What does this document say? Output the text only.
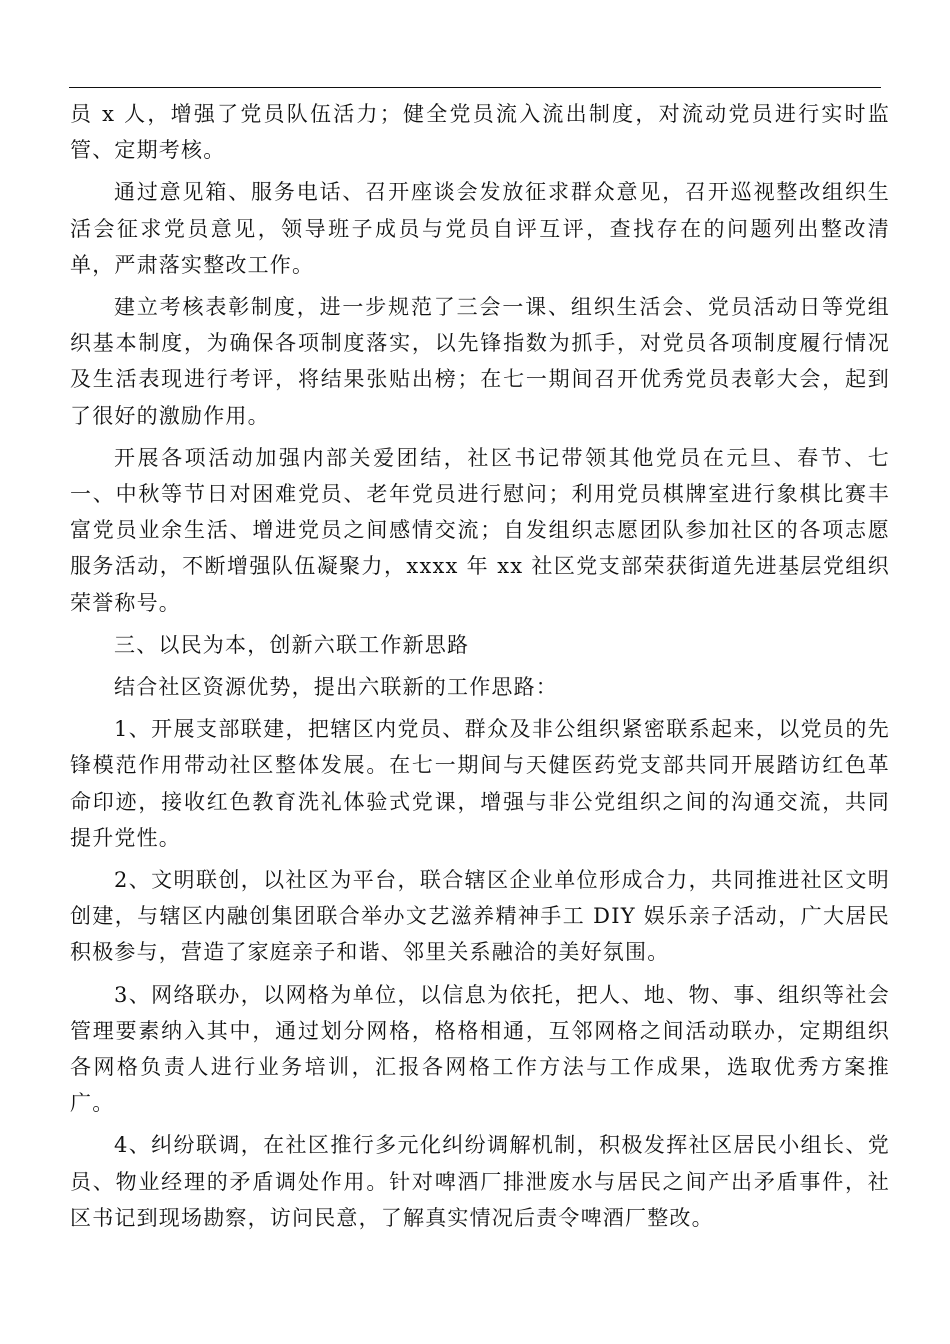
员 x 人，增强了党员队伍活力；健全党员流入流出制度，对流动党员进行实时监管、定期考核。

通过意见箱、服务电话、召开座谈会发放征求群众意见，召开巡视整改组织生活会征求党员意见，领导班子成员与党员自评互评，查找存在的问题列出整改清单，严肃落实整改工作。

建立考核表彰制度，进一步规范了三会一课、组织生活会、党员活动日等党组织基本制度，为确保各项制度落实，以先锋指数为抓手，对党员各项制度履行情况及生活表现进行考评，将结果张贴出榜；在七一期间召开优秀党员表彰大会，起到了很好的激励作用。

开展各项活动加强内部关爱团结，社区书记带领其他党员在元旦、春节、七一、中秋等节日对困难党员、老年党员进行慰问；利用党员棋牌室进行象棋比赛丰富党员业余生活、增进党员之间感情交流；自发组织志愿团队参加社区的各项志愿服务活动，不断增强队伍凝聚力，xxxx 年 xx 社区党支部荣获街道先进基层党组织荣誉称号。

三、以民为本，创新六联工作新思路

结合社区资源优势，提出六联新的工作思路：

1、开展支部联建，把辖区内党员、群众及非公组织紧密联系起来，以党员的先锋模范作用带动社区整体发展。在七一期间与天健医药党支部共同开展踏访红色革命印迹，接收红色教育洗礼体验式党课，增强与非公党组织之间的沟通交流，共同提升党性。

2、文明联创，以社区为平台，联合辖区企业单位形成合力，共同推进社区文明创建，与辖区内融创集团联合举办文艺滋养精神手工 DIY 娱乐亲子活动，广大居民积极参与，营造了家庭亲子和谐、邻里关系融洽的美好氛围。

3、网络联办，以网格为单位，以信息为依托，把人、地、物、事、组织等社会管理要素纳入其中，通过划分网格，格格相通，互邻网格之间活动联办，定期组织各网格负责人进行业务培训，汇报各网格工作方法与工作成果，选取优秀方案推广。

4、纠纷联调，在社区推行多元化纠纷调解机制，积极发挥社区居民小组长、党员、物业经理的矛盾调处作用。针对啤酒厂排泄废水与居民之间产出矛盾事件，社区书记到现场勘察，访问民意，了解真实情况后责令啤酒厂整改。
